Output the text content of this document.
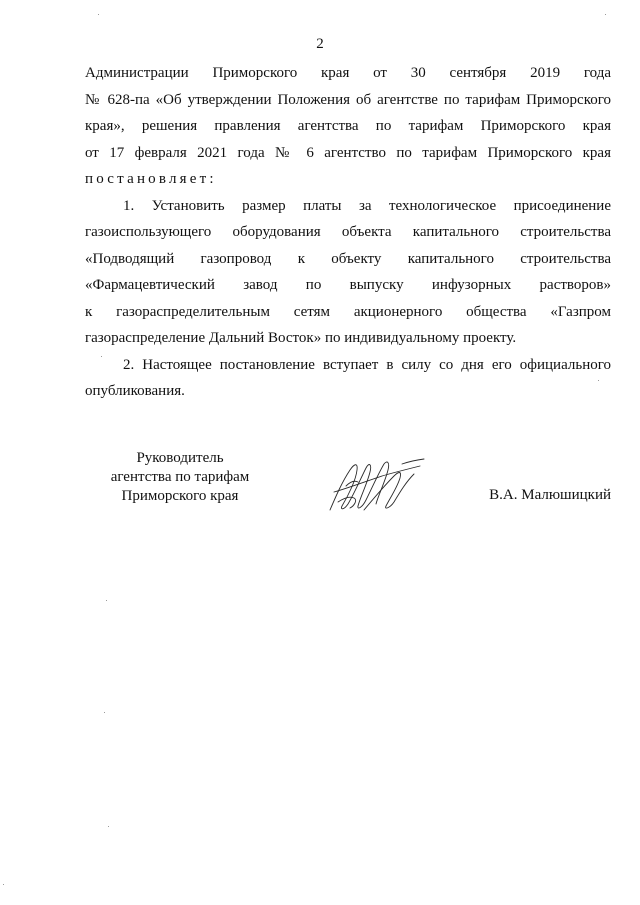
2

Администрации Приморского края от 30 сентября 2019 года
№ 628-па «Об утверждении Положения об агентстве по тарифам Приморского
края», решения правления агентства по тарифам Приморского края
от 17 февраля 2021 года № 6 агентство по тарифам Приморского края
постановляет:

1. Установить размер платы за технологическое присоединение
газоиспользующего оборудования объекта капитального строительства
«Подводящий газопровод к объекту капитального строительства
«Фармацевтический завод по выпуску инфузорных растворов»
к газораспределительным сетям акционерного общества «Газпром
газораспределение Дальний Восток» по индивидуальному проекту.

2. Настоящее постановление вступает в силу со дня его официального
опубликования.

Руководитель
агентства по тарифам
Приморского края	В.А. Малюшицкий
